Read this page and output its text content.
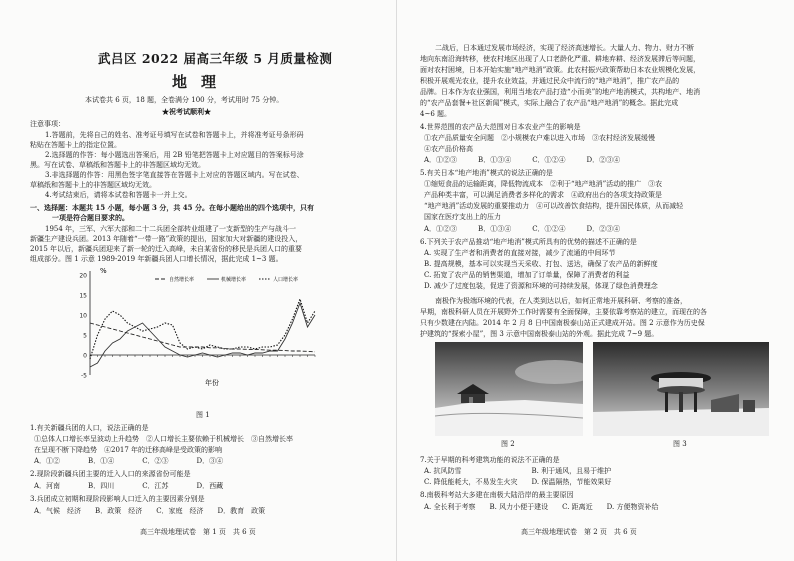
武吕区 2022 届高三年级 5 月质量检测
地理
本试卷共 6 页，18 题，全卷满分 100 分，考试用时 75 分钟。
★祝考试顺利★
注意事项：
1.答题前，先将自己的姓名、准考证号填写在试卷和答题卡上，并将准考证号条形码
粘贴在答题卡上的指定位置。
2.选择题的作答：每小题选出答案后，用 2B 铅笔把答题卡上对应题目的答案标号涂
黑。写在试卷、草稿纸和答题卡上的非答题区域均无效。
3.非选择题的作答：用黑色签字笔直接答在答题卡上对应的答题区域内。写在试卷、
草稿纸和答题卡上的非答题区域均无效。
4.考试结束后，请将本试卷和答题卡一并上交。
一、选择题：本题共 15 小题，每小题 3 分，共 45 分。在每小题给出的四个选项中，只有
一项是符合题目要求的。
1954 年，三军、六军大部和二十二兵团全部转业组建了一支新型的生产与战斗一
新疆生产建设兵团。2013 年随着“一带一路”政策的提出，国家加大对新疆的建设投入，
2015 年以后，新疆兵团迎来了新一轮的迁入高峰，未自某省份的移民是兵团人口的重要
组成部分。图 1 示意 1989-2019 年新疆兵团人口增长情况，据此完成 1~3 题。
%
年份
20
15
10
5
0
-5
自然增长率	机械增长率	人口增长率
图 1
1.有关新疆兵团的人口，说法正确的是
①总体人口增长率呈波动上升趋势　②人口增长主要依赖于机械增长　③自然增长率
在呈现不断下降趋势　④2017 年的迁移高峰是受政策的影响
A．①②　　　　B．①④　　　　C．②③　　　　D．③④
2.现阶段新疆兵团主要的迁入人口的来源省份可能是
A．河南　　　　B．四川　　　　C．江苏　　　　D．西藏
3.兵团成立初期和现阶段影响人口迁入的主要因素分别是
A．气候　经济　　B．政策　经济　　C．家庭　经济　　D．教育　政策
高三年级地理试卷　第 1 页　共 6 页
二战后，日本通过发展市场经济，实现了经济高速增长。大量人力、物力、财力不断
地向东南沿海转移，使农村地区出现了人口老龄化严重、耕地弃耕、经济发展滞后等问题，
面对农村困境，日本开始实施“地产地消”政策。此农村振兴政策帮助日本农业规模化发展，
积极开展观光农业，提升农业效益，并通过民众中流行的“地产地消”，推广农产品的
品牌。日本作为农业强国，利用当地农产品打造“小而美”的地产地消模式，共构地产、地消
的“农产品套餐+社区新闻”模式，实际上融合了农产品“地产地消”的概念。据此完成
4~6 题。
4.世界范围的农产品大范围对日本农业产生的影响是
①农产品质量安全问题　②小规模农户难以进入市场　③农村经济发展缓慢
④农产品价格高
A．①②③　　　B．①③④　　　C．①②④　　　D．②③④
5.有关日本“地产地消”模式的说法正确的是
①缩短食品的运输距离，降低物流成本　②利于“地产地消”活动的推广　③农
产品种类丰富，可以满足消费者多样化的需求　④政府出台的各项支持政策是
“地产地消”活动发展的重要推动力　④可以改善饮食结构，提升国民体质，从而减轻
国家在医疗支出上的压力
A．①②③　　　B．①③④　　　C．①②④　　　D．②③④
6.下列关于农产品推动“地产地消”模式所具有的优势的描述不正确的是
A. 实现了生产者和消费者的直接对接，减少了流通的中间环节
B. 提高规模，基本可以实现当天采收、打包、送达，确保了农产品的新鲜度
C. 拓宽了农产品的销售渠道，增加了订单量，保障了消费者的利益
D. 减少了过度包装，促进了资源和环境的可持续发展，体现了绿色消费理念
南极作为极端环境的代表，在人类到达以后，如何正常地开展科研、考察的准备，
早期，南极科研人员在开展野外工作时需要有全面保障，主要依靠考察站的建立，而现在的各
只有少数建在内陆。2014 年 2 月 8 日中国南极泰山站正式建成开站。图 2 示意作为历史保
护建筑的“探索小屋”，图 3 示意中国南极泰山站的外观。据此完成 7~9 题。
图 2	图 3
7.关于早期的科考建筑功能的说法不正确的是
A. 抗风防雪　　　　　　　　　　B. 利于通风，且易于维护
C. 降低能耗大，不易发生火灾　　D. 保温隔热，节能效果好
8.南极科考站大多建在南极大陆沿岸的最主要原因
A. 全长利于考察　　B. 风力小便于建设　　C. 距离近　　D. 方便物资补给
高三年级地理试卷　第 2 页　共 6 页
